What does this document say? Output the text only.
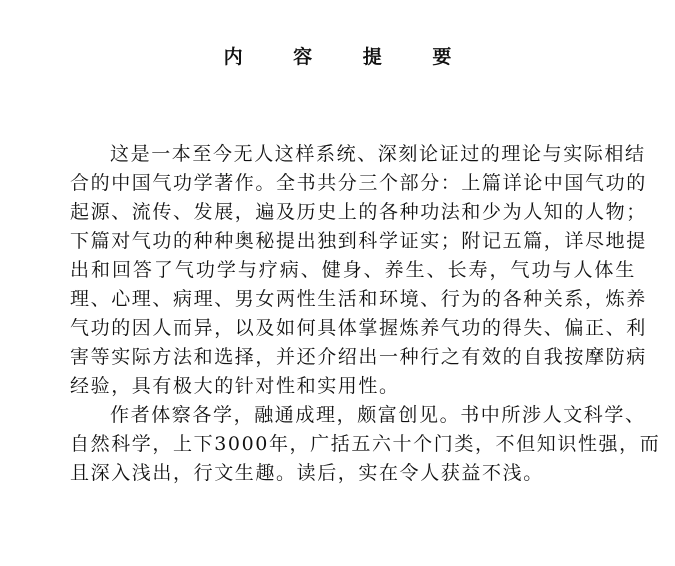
内 容 提 要
这是一本至今无人这样系统、深刻论证过的理论与实际相结
合的中国气功学著作。全书共分三个部分：上篇详论中国气功的
起源、流传、发展，遍及历史上的各种功法和少为人知的人物；
下篇对气功的种种奥秘提出独到科学证实；附记五篇，详尽地提
出和回答了气功学与疗病、健身、养生、长寿，气功与人体生
理、心理、病理、男女两性生活和环境、行为的各种关系，炼养
气功的因人而异，以及如何具体掌握炼养气功的得失、偏正、利
害等实际方法和选择，并还介绍出一种行之有效的自我按摩防病
经验，具有极大的针对性和实用性。
作者体察各学，融通成理，颇富创见。书中所涉人文科学、
自然科学，上下3000年，广括五六十个门类，不但知识性强，而
且深入浅出，行文生趣。读后，实在令人获益不浅。
